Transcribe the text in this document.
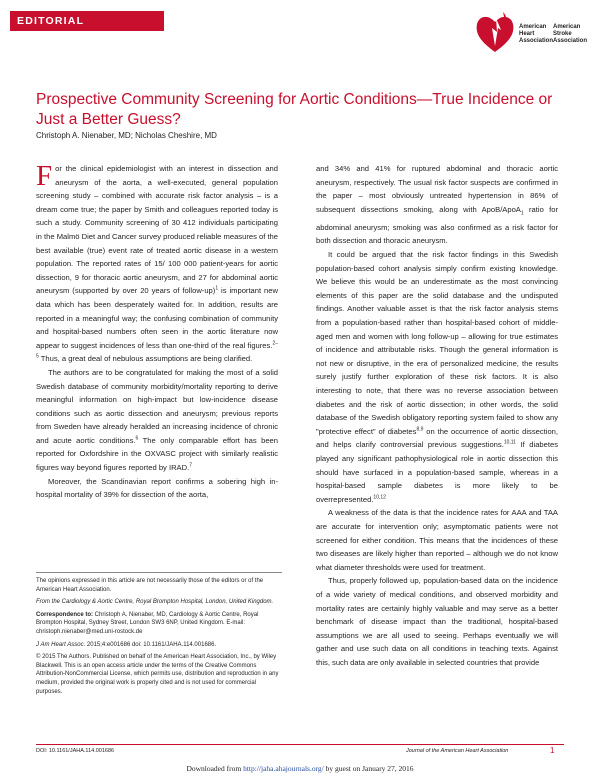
EDITORIAL	American
Heart
Association
American
Stroke
Association
Prospective Community Screening for Aortic Conditions—True Incidence or Just a Better Guess?
Christoph A. Nienaber, MD; Nicholas Cheshire, MD

For the clinical epidemiologist with an interest in dissection and aneurysm of the aorta, a well-executed, general population screening study – combined with accurate risk factor analysis – is a dream come true; the paper by Smith and colleagues reported today is such a study. Community screening of 30 412 individuals participating in the Malmö Diet and Cancer survey produced reliable measures of the best available (true) event rate of treated aortic disease in a western population. The reported rates of 15/ 100 000 patient-years for aortic dissection, 9 for thoracic aortic aneurysm, and 27 for abdominal aortic aneurysm (supported by over 20 years of follow-up)$^1$ is important new data which has been desperately waited for. In addition, results are reported in a meaningful way; the confusing combination of community and hospital-based numbers often seen in the aortic literature now appear to suggest incidences of less than one-third of the real figures.$^{2-5}$ Thus, a great deal of nebulous assumptions are being clarified.

The authors are to be congratulated for making the most of a solid Swedish database of community morbidity/mortality reporting to derive meaningful information on high-impact but low-incidence disease conditions such as aortic dissection and aneurysm; previous reports from Sweden have already heralded an increasing incidence of chronic and acute aortic conditions.$^6$ The only comparable effort has been reported for Oxfordshire in the OXVASC project with similarly realistic figures way beyond figures reported by IRAD.$^7$

Moreover, the Scandinavian report confirms a sobering high in-hospital mortality of 39% for dissection of the aorta,

and 34% and 41% for ruptured abdominal and thoracic aortic aneurysm, respectively. The usual risk factor suspects are confirmed in the paper – most obviously untreated hypertension in 86% of subsequent dissections smoking, along with ApoB/ApoA$_1$ ratio for abdominal aneurysm; smoking was also confirmed as a risk factor for both dissection and thoracic aneurysm.

It could be argued that the risk factor findings in this Swedish population-based cohort analysis simply confirm existing knowledge. We believe this would be an underestimate as the most convincing elements of this paper are the solid database and the undisputed findings. Another valuable asset is that the risk factor analysis stems from a population-based rather than hospital-based cohort of middle-aged men and women with long follow-up – allowing for true estimates of incidence and attributable risks. Though the general information is not new or disruptive, in the era of personalized medicine, the results surely justify further exploration of these risk factors. It is also interesting to note, that there was no reverse association between diabetes and the risk of aortic dissection; in other words, the solid database of the Swedish obligatory reporting system failed to show any "protective effect" of diabetes$^{8,9}$ on the occurrence of aortic dissection, and helps clarify controversial previous suggestions.$^{10,11}$ If diabetes played any significant pathophysiological role in aortic dissection this should have surfaced in a population-based sample, whereas in a hospital-based sample diabetes is more likely to be overrepresented.$^{10,12}$

A weakness of the data is that the incidence rates for AAA and TAA are accurate for intervention only; asymptomatic patients were not screened for either condition. This means that the incidences of these two diseases are likely higher than reported – although we do not know what diameter thresholds were used for treatment.

Thus, properly followed up, population-based data on the incidence of a wide variety of medical conditions, and observed morbidity and mortality rates are certainly highly valuable and may serve as a better benchmark of disease impact than the traditional, hospital-based assumptions we are all used to seeing. Perhaps eventually we will gather and use such data on all conditions in teaching texts. Against this, such data are only available in selected countries that provide

The opinions expressed in this article are not necessarily those of the editors or of the American Heart Association.

From the Cardiology & Aortic Centre, Royal Brompton Hospital, London, United Kingdom.

Correspondence to: Christoph A. Nienaber, MD, Cardiology & Aortic Centre, Royal Brompton Hospital, Sydney Street, London SW3 6NP, United Kingdom. E-mail: christoph.nienaber@med.uni-rostock.de

J Am Heart Assoc. 2015;4:e001686 doi: 10.1161/JAHA.114.001686.

© 2015 The Authors. Published on behalf of the American Heart Association, Inc., by Wiley Blackwell. This is an open access article under the terms of the Creative Commons Attribution-NonCommercial License, which permits use, distribution and reproduction in any medium, provided the original work is properly cited and is not used for commercial purposes.

DOI: 10.1161/JAHA.114.001686	Journal of the American Heart Association	1
Downloaded from http://jaha.ahajournals.org/ by guest on January 27, 2016
